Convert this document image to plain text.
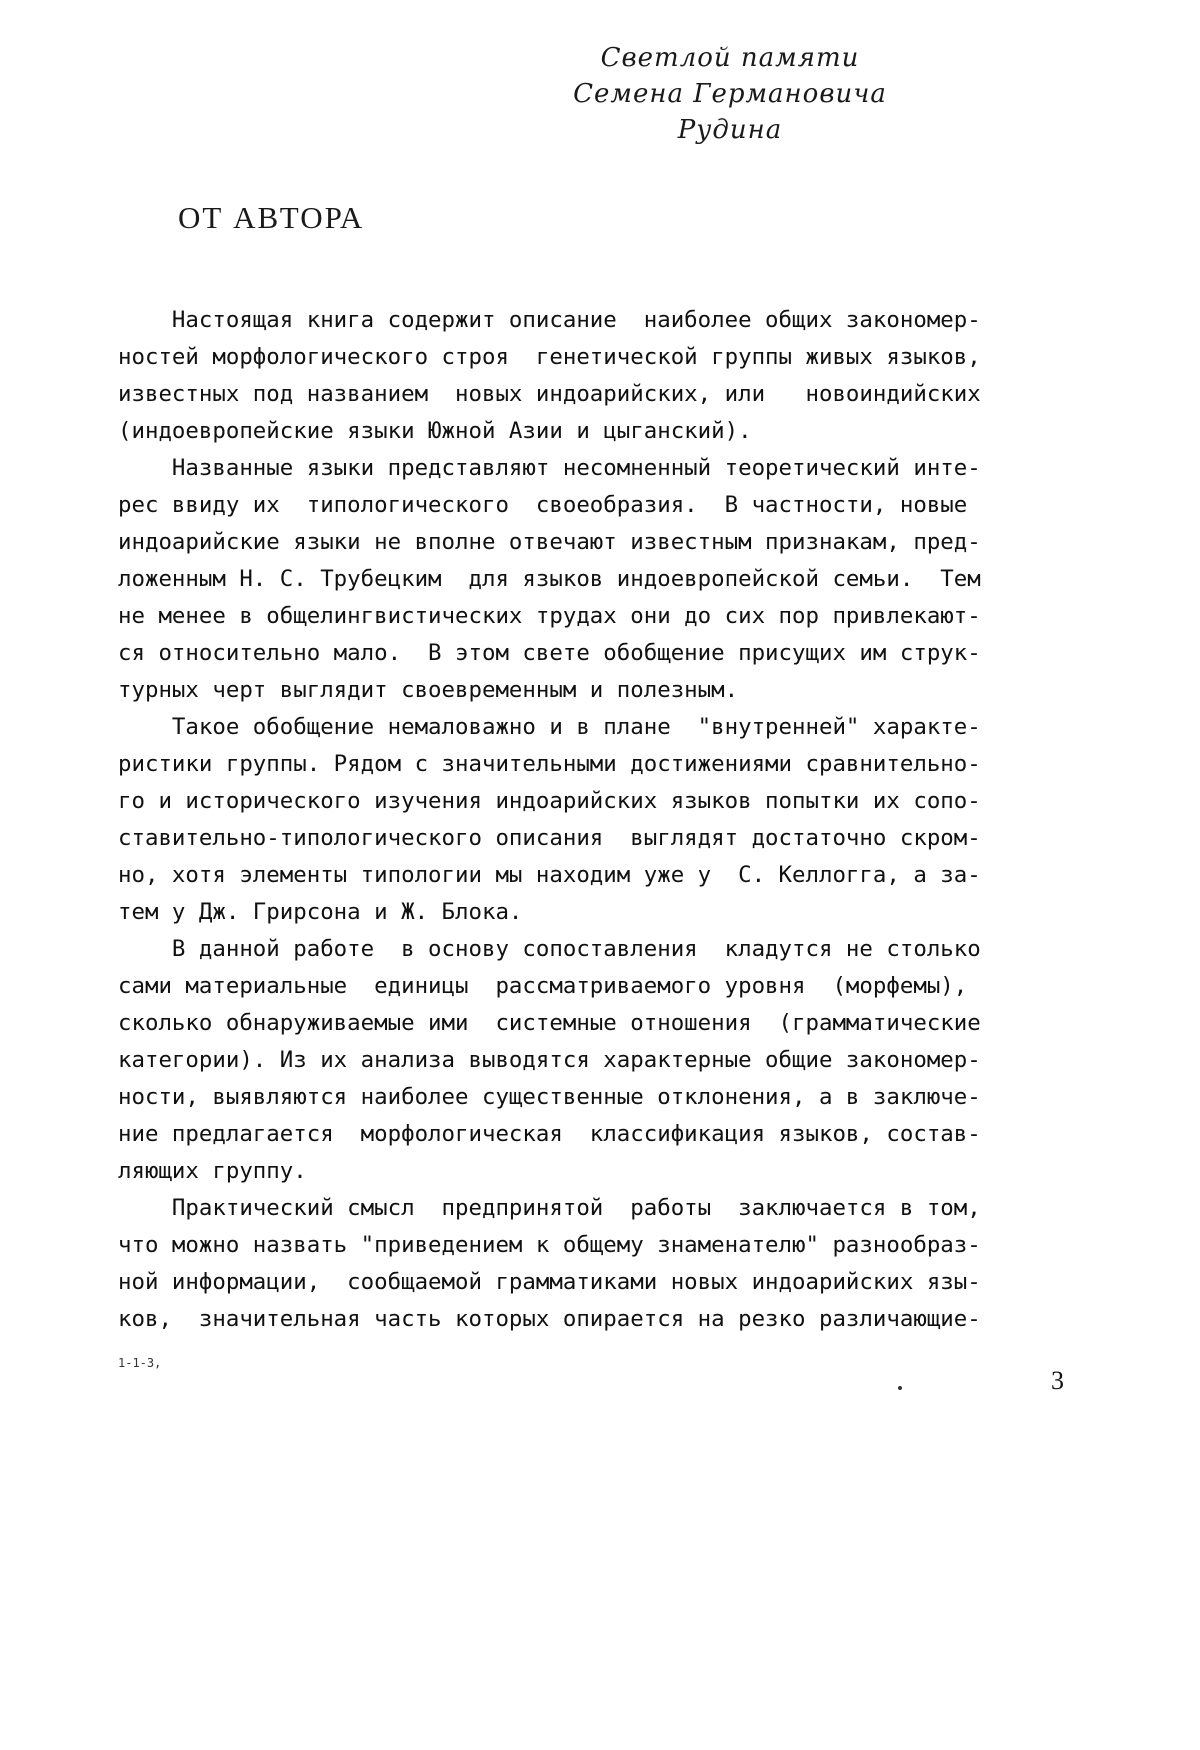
Светлой памяти
Семена Германовича
Рудина
ОТ АВТОРА
Настоящая книга содержит описание  наиболее общих закономер-
ностей морфологического строя  генетической группы живых языков,
известных под названием  новых индоарийских, или   новоиндийских
(индоевропейские языки Южной Азии и цыганский).
Названные языки представляют несомненный теоретический инте-
рес ввиду их  типологического  своеобразия.  В частности, новые
индоарийские языки не вполне отвечают известным признакам, пред-
ложенным Н. С. Трубецким  для языков индоевропейской семьи.  Тем
не менее в общелингвистических трудах они до сих пор привлекают-
ся относительно мало.  В этом свете обобщение присущих им струк-
турных черт выглядит своевременным и полезным.
Такое обобщение немаловажно и в плане  "внутренней" характе-
ристики группы. Рядом с значительными достижениями сравнительно-
го и исторического изучения индоарийских языков попытки их сопо-
ставительно-типологического описания  выглядят достаточно скром-
но, хотя элементы типологии мы находим уже у  С. Келлогга, а за-
тем у Дж. Грирсона и Ж. Блока.
В данной работе  в основу сопоставления  кладутся не столько
сами материальные  единицы  рассматриваемого уровня  (морфемы),
сколько обнаруживаемые ими  системные отношения  (грамматические
категории). Из их анализа выводятся характерные общие закономер-
ности, выявляются наиболее существенные отклонения, а в заключе-
ние предлагается  морфологическая  классификация языков, состав-
ляющих группу.
Практический смысл  предпринятой  работы  заключается в том,
что можно назвать "приведением к общему знаменателю" разнообраз-
ной информации,  сообщаемой грамматиками новых индоарийских язы-
ков,  значительная часть которых опирается на резко различающие-
1-1-3,
3
